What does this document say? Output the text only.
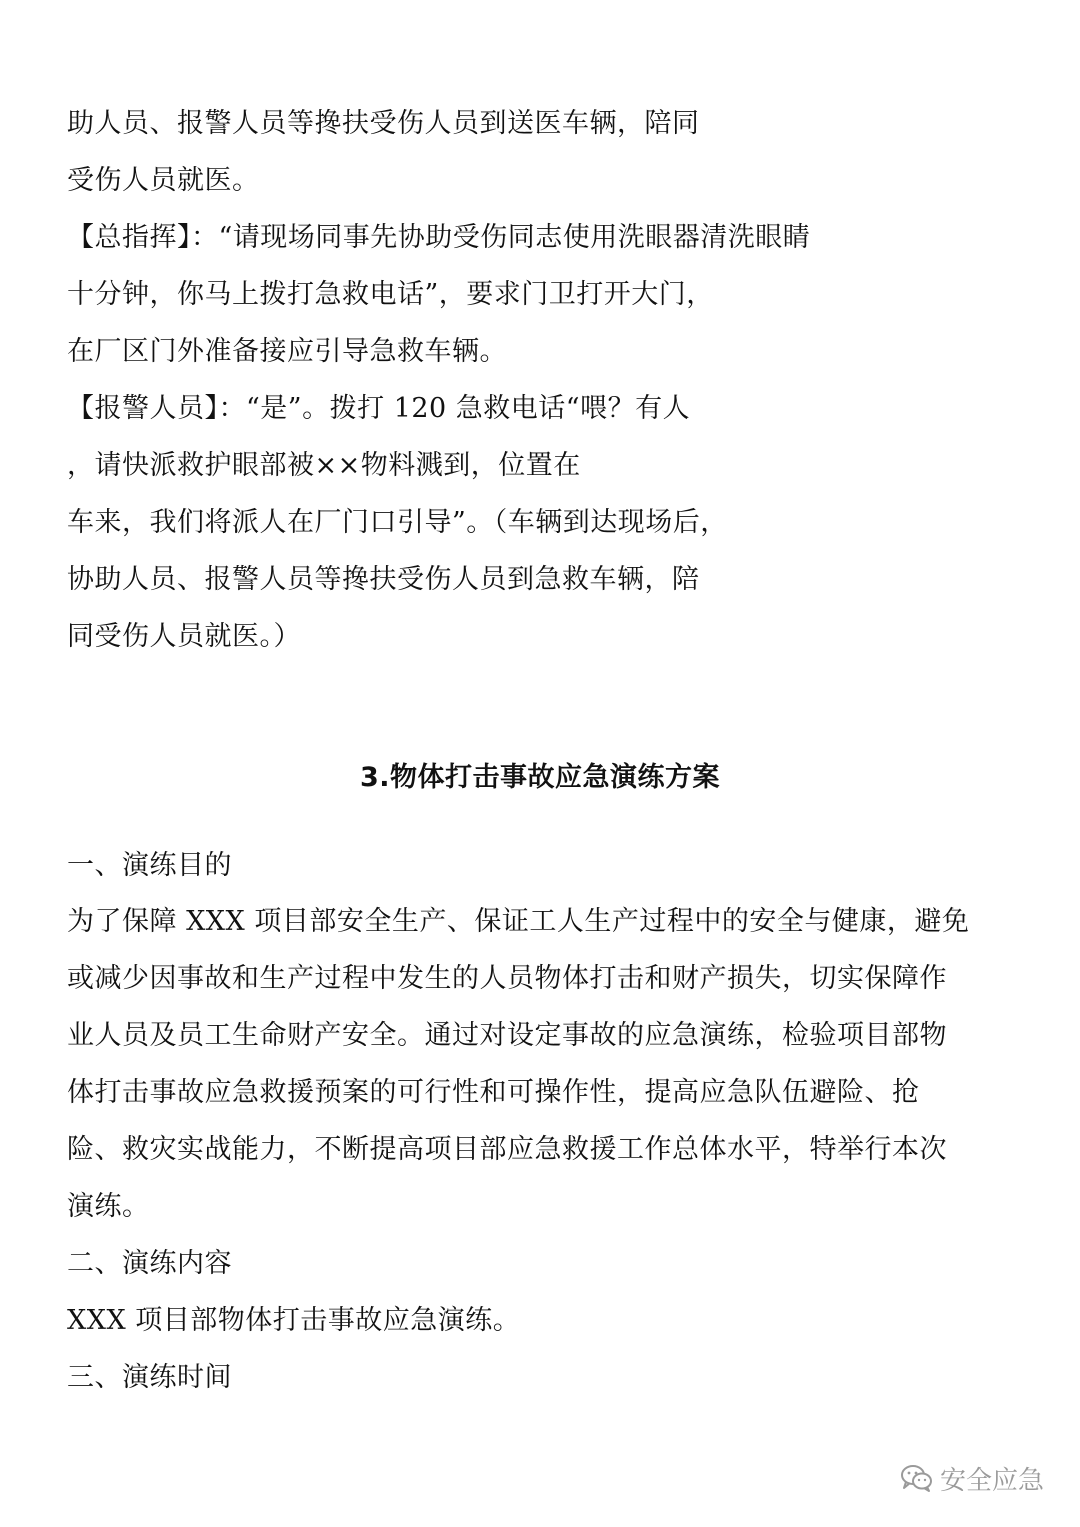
助人员、报警人员等搀扶受伤人员到送医车辆，陪同
受伤人员就医。
【总指挥】：“请现场同事先协助受伤同志使用洗眼器清洗眼睛
十分钟，你马上拨打急救电话”，要求门卫打开大门，
在厂区门外准备接应引导急救车辆。
【报警人员】：“是”。拨打 120 急救电话“喂？有人
，请快派救护眼部被××物料溅到，位置在
车来，我们将派人在厂门口引导”。（车辆到达现场后，
协助人员、报警人员等搀扶受伤人员到急救车辆，陪
同受伤人员就医。）
3.物体打击事故应急演练方案
一、演练目的
为了保障 XXX 项目部安全生产、保证工人生产过程中的安全与健康，避免
或减少因事故和生产过程中发生的人员物体打击和财产损失，切实保障作
业人员及员工生命财产安全。通过对设定事故的应急演练，检验项目部物
体打击事故应急救援预案的可行性和可操作性，提高应急队伍避险、抢
险、救灾实战能力，不断提高项目部应急救援工作总体水平，特举行本次
演练。
二、演练内容
XXX 项目部物体打击事故应急演练。
三、演练时间
安全应急
